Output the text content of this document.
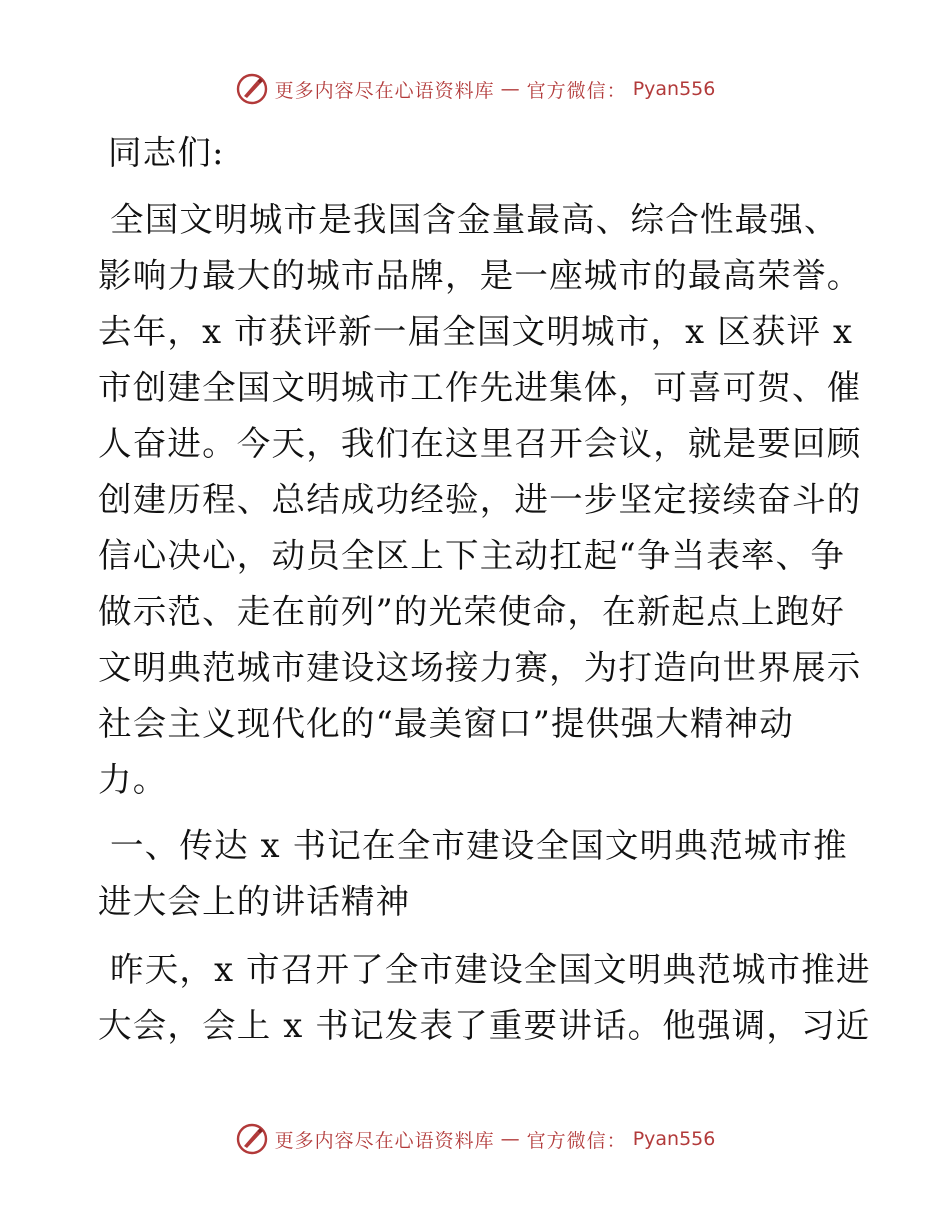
更多内容尽在心语资料库 — 官方微信： Pyan556

同志们:

全国文明城市是我国含金量最高、综合性最强、
影响力最大的城市品牌，是一座城市的最高荣誉。
去年，x 市获评新一届全国文明城市，x 区获评 x
市创建全国文明城市工作先进集体，可喜可贺、催
人奋进。今天，我们在这里召开会议，就是要回顾
创建历程、总结成功经验，进一步坚定接续奋斗的
信心决心，动员全区上下主动扛起“争当表率、争
做示范、走在前列”的光荣使命，在新起点上跑好
文明典范城市建设这场接力赛，为打造向世界展示
社会主义现代化的“最美窗口”提供强大精神动
力。

一、传达 x 书记在全市建设全国文明典范城市推
进大会上的讲话精神

昨天，x 市召开了全市建设全国文明典范城市推进
大会，会上 x 书记发表了重要讲话。他强调，习近

更多内容尽在心语资料库 — 官方微信： Pyan556
